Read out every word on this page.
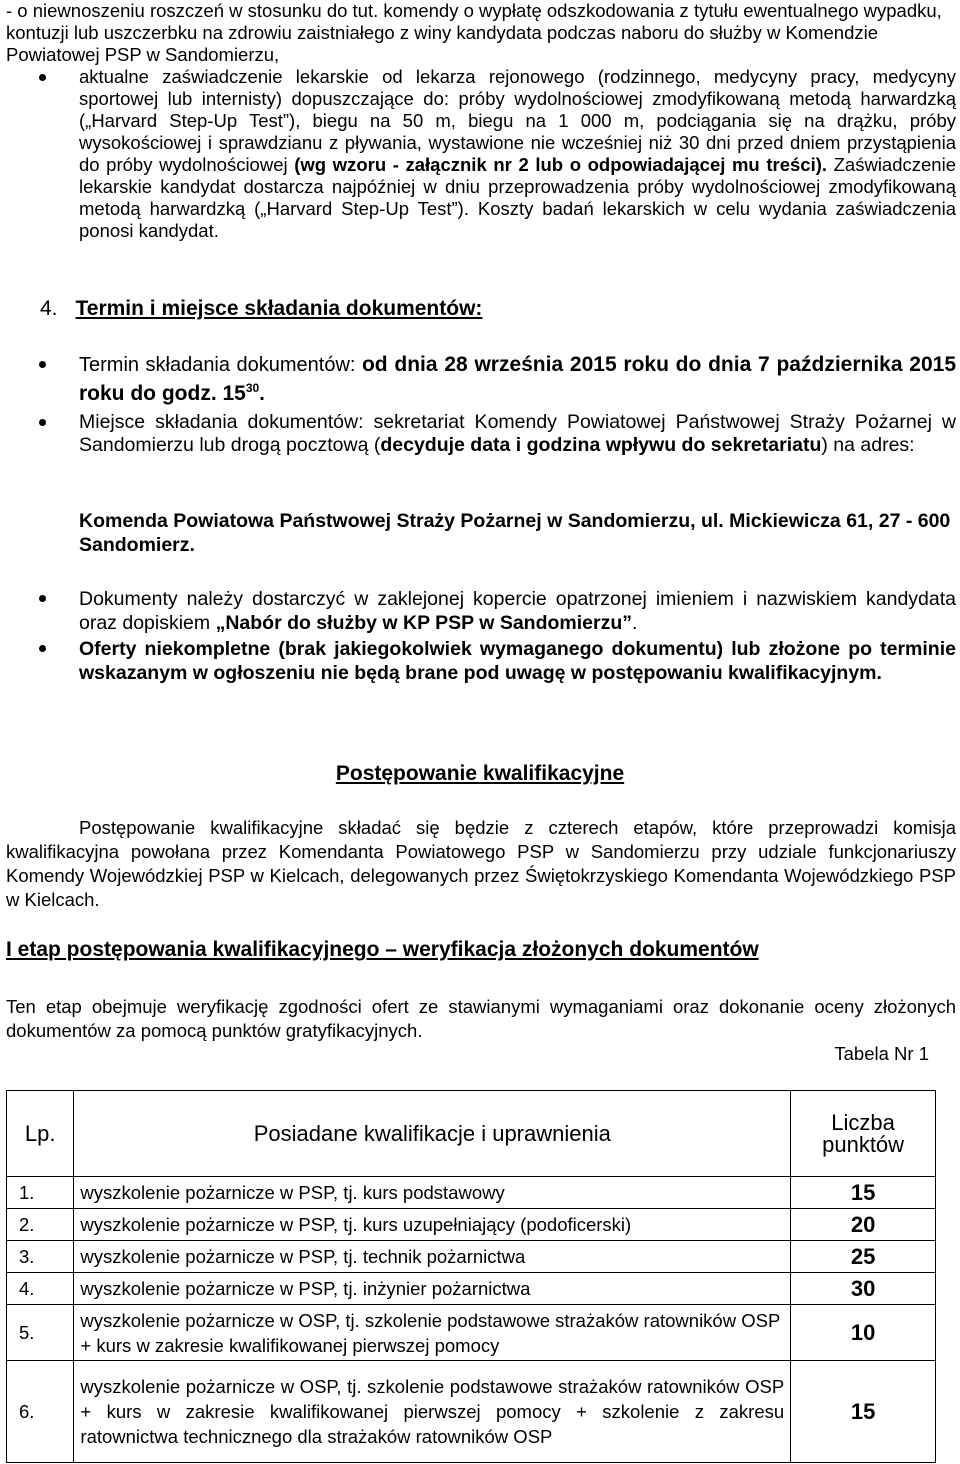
- o niewnoszeniu roszczeń w stosunku do tut. komendy o wypłatę odszkodowania z tytułu ewentualnego wypadku, kontuzji lub uszczerbku na zdrowiu zaistniałego z winy kandydata podczas naboru do służby w Komendzie Powiatowej PSP w Sandomierzu,

aktualne zaświadczenie lekarskie od lekarza rejonowego (rodzinnego, medycyny pracy, medycyny sportowej lub internisty) dopuszczające do: próby wydolnościowej zmodyfikowaną metodą harwardzką („Harvard Step-Up Test”), biegu na 50 m, biegu na 1 000 m, podciągania się na drążku, próby wysokościowej i sprawdzianu z pływania, wystawione nie wcześniej niż 30 dni przed dniem przystąpienia do próby wydolnościowej (wg wzoru - załącznik nr 2 lub o odpowiadającej mu treści). Zaświadczenie lekarskie kandydat dostarcza najpóźniej w dniu przeprowadzenia próby wydolnościowej zmodyfikowaną metodą harwardzką („Harvard Step-Up Test”). Koszty badań lekarskich w celu wydania zaświadczenia ponosi kandydat.
4. Termin i miejsce składania dokumentów:
Termin składania dokumentów: od dnia 28 września 2015 roku do dnia 7 października 2015 roku do godz. $15^{30}$.
Miejsce składania dokumentów: sekretariat Komendy Powiatowej Państwowej Straży Pożarnej w Sandomierzu lub drogą pocztową (decyduje data i godzina wpływu do sekretariatu) na adres:

Komenda Powiatowa Państwowej Straży Pożarnej w Sandomierzu, ul. Mickiewicza 61, 27 - 600 Sandomierz.

Dokumenty należy dostarczyć w zaklejonej kopercie opatrzonej imieniem i nazwiskiem kandydata oraz dopiskiem „Nabór do służby w KP PSP w Sandomierzu”.
Oferty niekompletne (brak jakiegokolwiek wymaganego dokumentu) lub złożone po terminie wskazanym w ogłoszeniu nie będą brane pod uwagę w postępowaniu kwalifikacyjnym.
Postępowanie kwalifikacyjne

Postępowanie kwalifikacyjne składać się będzie z czterech etapów, które przeprowadzi komisja kwalifikacyjna powołana przez Komendanta Powiatowego PSP w Sandomierzu przy udziale funkcjonariuszy Komendy Wojewódzkiej PSP w Kielcach, delegowanych przez Świętokrzyskiego Komendanta Wojewódzkiego PSP w Kielcach.

I etap postępowania kwalifikacyjnego – weryfikacja złożonych dokumentów

Ten etap obejmuje weryfikację zgodności ofert ze stawianymi wymaganiami oraz dokonanie oceny złożonych dokumentów za pomocą punktów gratyfikacyjnych.

Tabela Nr 1
Lp.	Posiadane kwalifikacje i uprawnienia	Liczba punktów
1.	wyszkolenie pożarnicze w PSP, tj. kurs podstawowy	15
2.	wyszkolenie pożarnicze w PSP, tj. kurs uzupełniający (podoficerski)	20
3.	wyszkolenie pożarnicze w PSP, tj. technik pożarnictwa	25
4.	wyszkolenie pożarnicze w PSP, tj. inżynier pożarnictwa	30
5.	wyszkolenie pożarnicze w OSP, tj. szkolenie podstawowe strażaków ratowników OSP + kurs w zakresie kwalifikowanej pierwszej pomocy	10
6.	wyszkolenie pożarnicze w OSP, tj. szkolenie podstawowe strażaków ratowników OSP + kurs w zakresie kwalifikowanej pierwszej pomocy + szkolenie z zakresu ratownictwa technicznego dla strażaków ratowników OSP	15
